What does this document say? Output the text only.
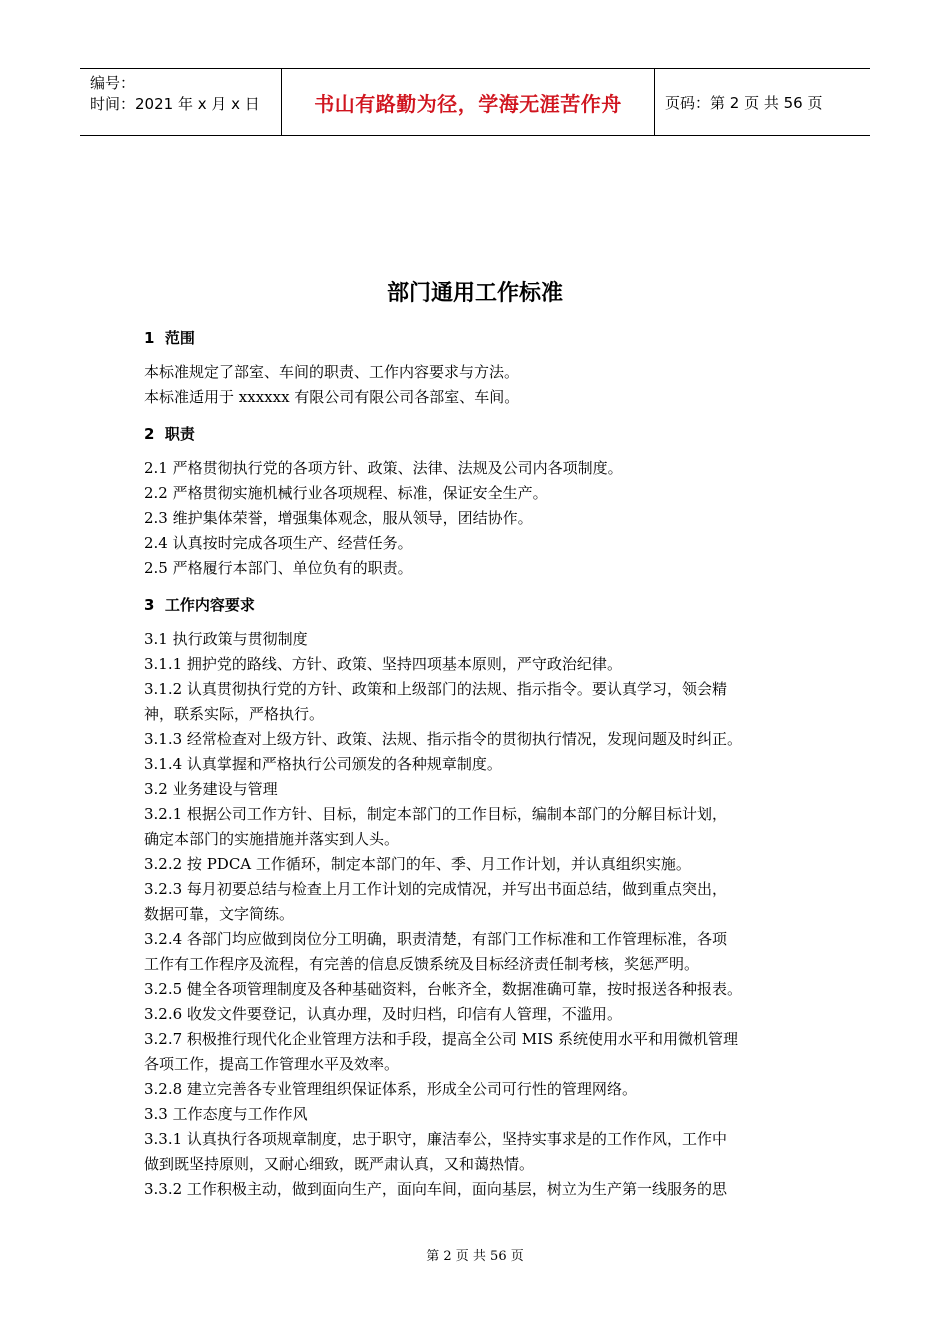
编号：
时间：2021 年 x 月 x 日	书山有路勤为径，学海无涯苦作舟	页码：第 2 页 共 56 页
部门通用工作标准
1  范围
本标准规定了部室、车间的职责、工作内容要求与方法。
本标准适用于 xxxxxx 有限公司有限公司各部室、车间。
2  职责
2.1 严格贯彻执行党的各项方针、政策、法律、法规及公司内各项制度。
2.2 严格贯彻实施机械行业各项规程、标准，保证安全生产。
2.3 维护集体荣誉，增强集体观念，服从领导，团结协作。
2.4 认真按时完成各项生产、经营任务。
2.5 严格履行本部门、单位负有的职责。
3  工作内容要求
3.1 执行政策与贯彻制度
3.1.1 拥护党的路线、方针、政策、坚持四项基本原则，严守政治纪律。
3.1.2 认真贯彻执行党的方针、政策和上级部门的法规、指示指令。要认真学习，领会精
神，联系实际，严格执行。
3.1.3 经常检查对上级方针、政策、法规、指示指令的贯彻执行情况，发现问题及时纠正。
3.1.4 认真掌握和严格执行公司颁发的各种规章制度。
3.2 业务建设与管理
3.2.1 根据公司工作方针、目标，制定本部门的工作目标，编制本部门的分解目标计划，
确定本部门的实施措施并落实到人头。
3.2.2 按 PDCA 工作循环，制定本部门的年、季、月工作计划，并认真组织实施。
3.2.3 每月初要总结与检查上月工作计划的完成情况，并写出书面总结，做到重点突出，
数据可靠，文字简练。
3.2.4 各部门均应做到岗位分工明确，职责清楚，有部门工作标准和工作管理标准，各项
工作有工作程序及流程，有完善的信息反馈系统及目标经济责任制考核，奖惩严明。
3.2.5 健全各项管理制度及各种基础资料，台帐齐全，数据准确可靠，按时报送各种报表。
3.2.6 收发文件要登记，认真办理，及时归档，印信有人管理，不滥用。
3.2.7 积极推行现代化企业管理方法和手段，提高全公司 MIS 系统使用水平和用微机管理
各项工作，提高工作管理水平及效率。
3.2.8 建立完善各专业管理组织保证体系，形成全公司可行性的管理网络。
3.3 工作态度与工作作风
3.3.1 认真执行各项规章制度，忠于职守，廉洁奉公，坚持实事求是的工作作风，工作中
做到既坚持原则，又耐心细致，既严肃认真，又和蔼热情。
3.3.2 工作积极主动，做到面向生产，面向车间，面向基层，树立为生产第一线服务的思
第 2 页 共 56 页
